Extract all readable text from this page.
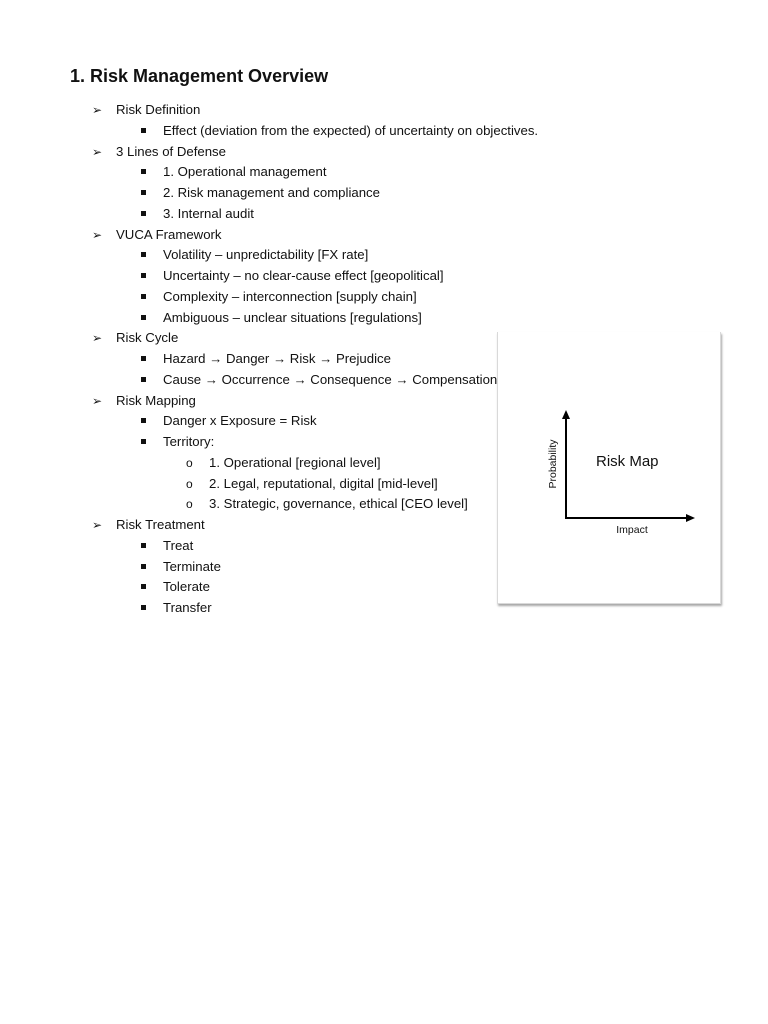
1. Risk Management Overview
➢ Risk Definition
Effect (deviation from the expected) of uncertainty on objectives.
➢ 3 Lines of Defense
1. Operational management
2. Risk management and compliance
3. Internal audit
➢ VUCA Framework
Volatility – unpredictability [FX rate]
Uncertainty – no clear-cause effect [geopolitical]
Complexity – interconnection [supply chain]
Ambiguous – unclear situations [regulations]
➢ Risk Cycle
Hazard → Danger → Risk → Prejudice
Cause → Occurrence → Consequence → Compensation
➢ Risk Mapping
Danger x Exposure = Risk
Territory:
o 1. Operational [regional level]
o 2. Legal, reputational, digital [mid-level]
o 3. Strategic, governance, ethical [CEO level]
➢ Risk Treatment
Treat
Terminate
Tolerate
Transfer
Risk Map
Impact
Probability
